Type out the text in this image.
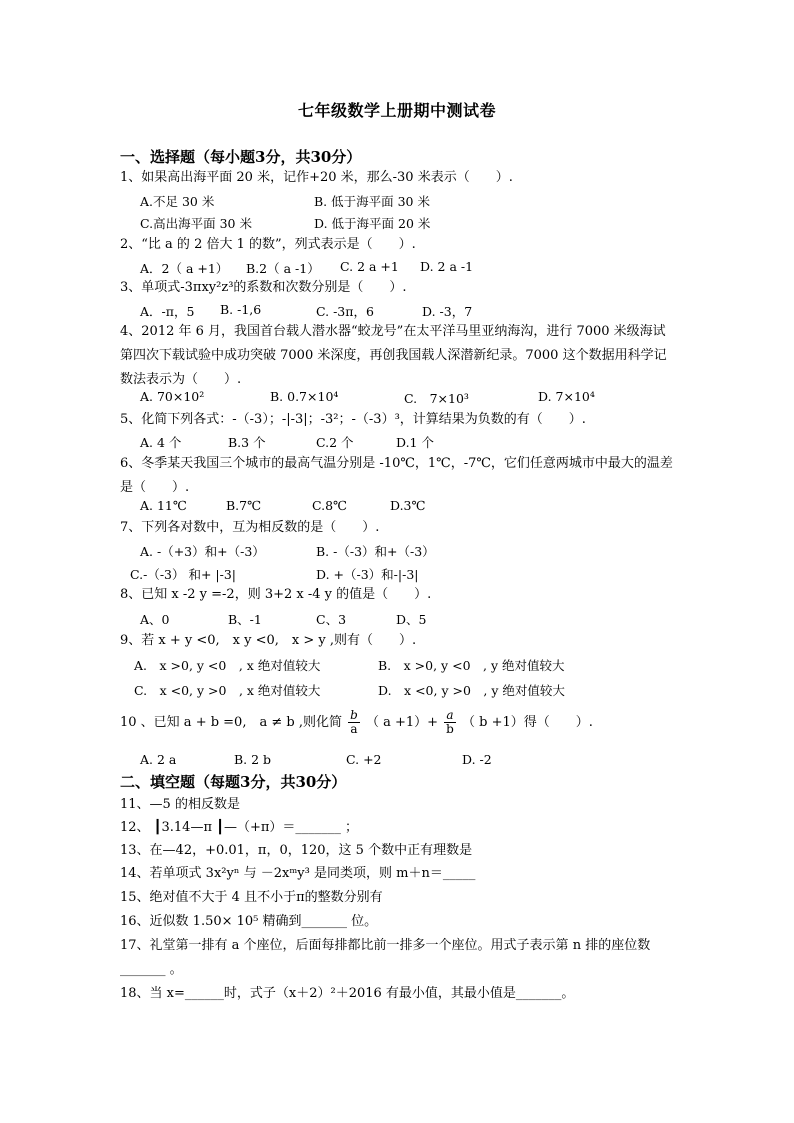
七年级数学上册期中测试卷
一、选择题（每小题3分，共30分）
1、如果高出海平面 20 米，记作+20 米，那么-30 米表示（　　）.
A.不足 30 米	B. 低于海平面 30 米
C.高出海平面 30 米	D. 低于海平面 20 米
2、“比 a 的 2 倍大 1 的数”，列式表示是（　　）.
A．2（ a +1） B.2（ a -1） C. 2 a +1 D. 2 a -1
3、单项式-3πxy²z³的系数和次数分别是（　　）.
A．-π，5 B. -1,6	C. -3π，6	D. -3，7
4、2012 年 6 月，我国首台载人潜水器“蛟龙号”在太平洋马里亚纳海沟，进行 7000 米级海试第四次下载试验中成功突破 7000 米深度，再创我国载人深潜新纪录。7000 这个数据用科学记数法表示为（　　）.
A. 70×10²	B. 0.7×10⁴	C.　7×10³	D. 7×10⁴
5、化简下列各式：-（-3）；-|-3|；-3²；-（-3）³，计算结果为负数的有（　　）.
A. 4 个	B.3 个	C.2 个	D.1 个
6、冬季某天我国三个城市的最高气温分别是 -10℃，1℃，-7℃，它们任意两城市中最大的温差是（　　）.
A. 11℃	B.7℃	C.8℃	D.3℃
7、下列各对数中，互为相反数的是（　　）.
A. -（+3）和+（-3）	B. -（-3）和+（-3）
C.-（-3） 和+ |-3|	D. +（-3）和-|-3|
8、已知 x -2 y =-2，则 3+2 x -4 y 的值是（　　）.
A、0	B、-1	C、3	D、5
9、若 x + y <0,　x y <0,　x > y ,则有（　　）.
A.　x >0, y <0　, x 绝对值较大	B.　x >0, y <0　, y 绝对值较大
C.　x <0, y >0　, x 绝对值较大	D.　x <0, y >0　, y 绝对值较大
10 、已知 a + b =0,　a ≠ b ,则化简 $\frac{b}{a}$ （ $a +1)+ \frac{a}{b}$ （ b +1）得（　　）.
A. 2 a	B. 2 b	C. +2	D. -2
二、填空题（每题3分，共30分）
11、—5 的相反数是
12、 ┃3.14—π ┃—（+π）＝_______ ；
13、在—42，+0.01，π，0，120，这 5 个数中正有理数是
14、若单项式 3x²yⁿ 与 －2xᵐy³ 是同类项，则 m＋n＝_____
15、绝对值不大于 4 且不小于π的整数分别有
16、近似数 1.50× 10⁵ 精确到_______ 位。
17、礼堂第一排有 a 个座位，后面每排都比前一排多一个座位。用式子表示第 n 排的座位数_______ 。
18、当 x=______时，式子（x＋2）²＋2016 有最小值，其最小值是_______。
